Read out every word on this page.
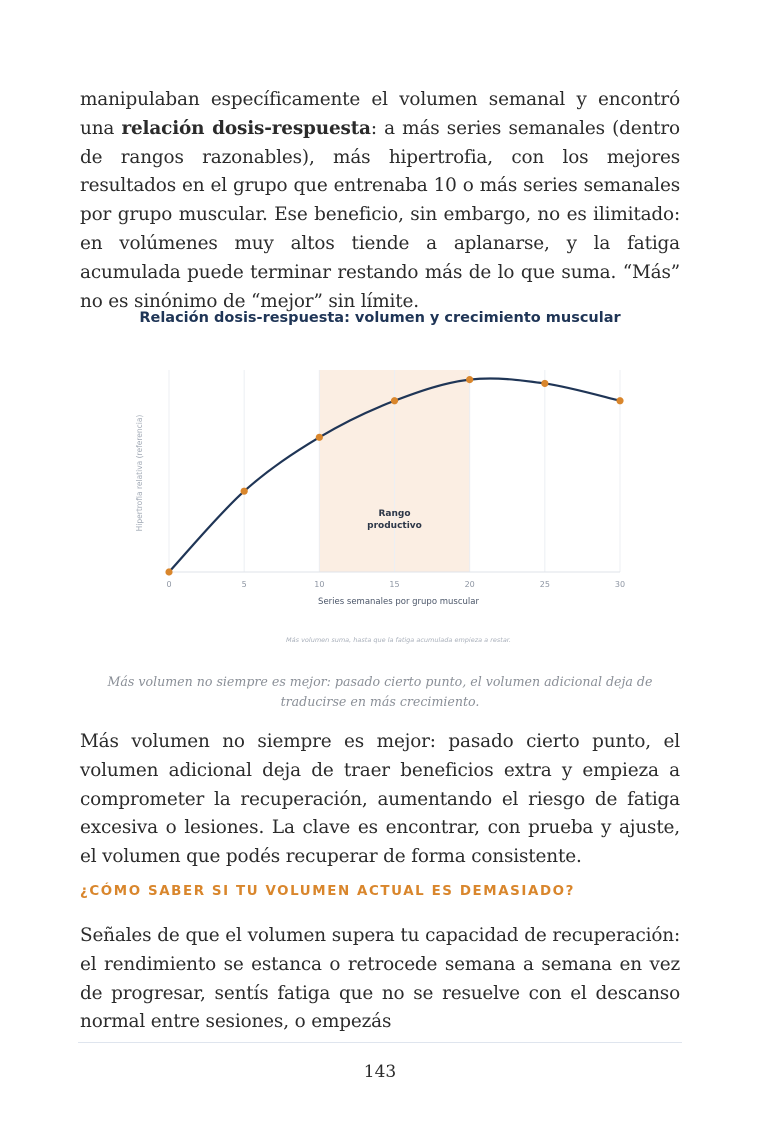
manipulaban específicamente el volumen semanal y encontró una relación dosis-respuesta: a más series semanales (dentro de rangos razonables), más hipertrofia, con los mejores resultados en el grupo que entrenaba 10 o más series semanales por grupo muscular. Ese beneficio, sin embargo, no es ilimitado: en volúmenes muy altos tiende a aplanarse, y la fatiga acumulada puede terminar restando más de lo que suma. “Más” no es sinónimo de “mejor” sin límite.

Relación dosis-respuesta: volumen y crecimiento muscular
0	5	10	15	20	25	30
Series semanales por grupo muscular
Hipertrofia relativa (referencia)	Rango
productivo
Más volumen suma, hasta que la fatiga acumulada empieza a restar.
Más volumen no siempre es mejor: pasado cierto punto, el volumen adicional deja de traducirse en más crecimiento.

Más volumen no siempre es mejor: pasado cierto punto, el volumen adicional deja de traer beneficios extra y empieza a comprometer la recuperación, aumentando el riesgo de fatiga excesiva o lesiones. La clave es encontrar, con prueba y ajuste, el volumen que podés recuperar de forma consistente.

¿CÓMO SABER SI TU VOLUMEN ACTUAL ES DEMASIADO?

Señales de que el volumen supera tu capacidad de recuperación: el rendimiento se estanca o retrocede semana a semana en vez de progresar, sentís fatiga que no se resuelve con el descanso normal entre sesiones, o empezás

143
